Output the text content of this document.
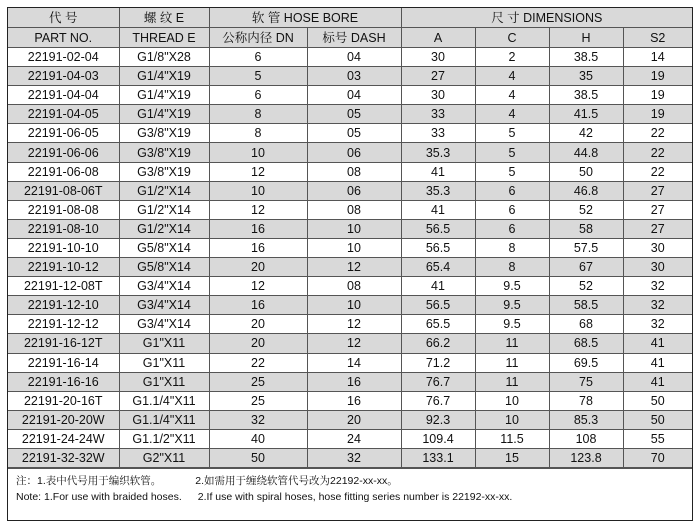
代 号	螺 纹 E	软 管 HOSE BORE		尺 寸 DIMENSIONS			
PART NO.	THREAD E	公称内径 DN	标号 DASH	A	C	H	S2
22191-02-04	G1/8"X28	6	04	30	2	38.5	14
22191-04-03	G1/4"X19	5	03	27	4	35	19
22191-04-04	G1/4"X19	6	04	30	4	38.5	19
22191-04-05	G1/4"X19	8	05	33	4	41.5	19
22191-06-05	G3/8"X19	8	05	33	5	42	22
22191-06-06	G3/8"X19	10	06	35.3	5	44.8	22
22191-06-08	G3/8"X19	12	08	41	5	50	22
22191-08-06T	G1/2"X14	10	06	35.3	6	46.8	27
22191-08-08	G1/2"X14	12	08	41	6	52	27
22191-08-10	G1/2"X14	16	10	56.5	6	58	27
22191-10-10	G5/8"X14	16	10	56.5	8	57.5	30
22191-10-12	G5/8"X14	20	12	65.4	8	67	30
22191-12-08T	G3/4"X14	12	08	41	9.5	52	32
22191-12-10	G3/4"X14	16	10	56.5	9.5	58.5	32
22191-12-12	G3/4"X14	20	12	65.5	9.5	68	32
22191-16-12T	G1"X11	20	12	66.2	11	68.5	41
22191-16-14	G1"X11	22	14	71.2	11	69.5	41
22191-16-16	G1"X11	25	16	76.7	11	75	41
22191-20-16T	G1.1/4"X11	25	16	76.7	10	78	50
22191-20-20W	G1.1/4"X11	32	20	92.3	10	85.3	50
22191-24-24W	G1.1/2"X11	40	24	109.4	11.5	108	55
22191-32-32W	G2"X11	50	32	133.1	15	123.8	70
注：1.表中代号用于编织软管。	2.如需用于缠绕软管代号改为22192-xx-xx。
Note: 1.For use with braided hoses. 2.If use with spiral hoses, hose fitting series number is 22192-xx-xx.
